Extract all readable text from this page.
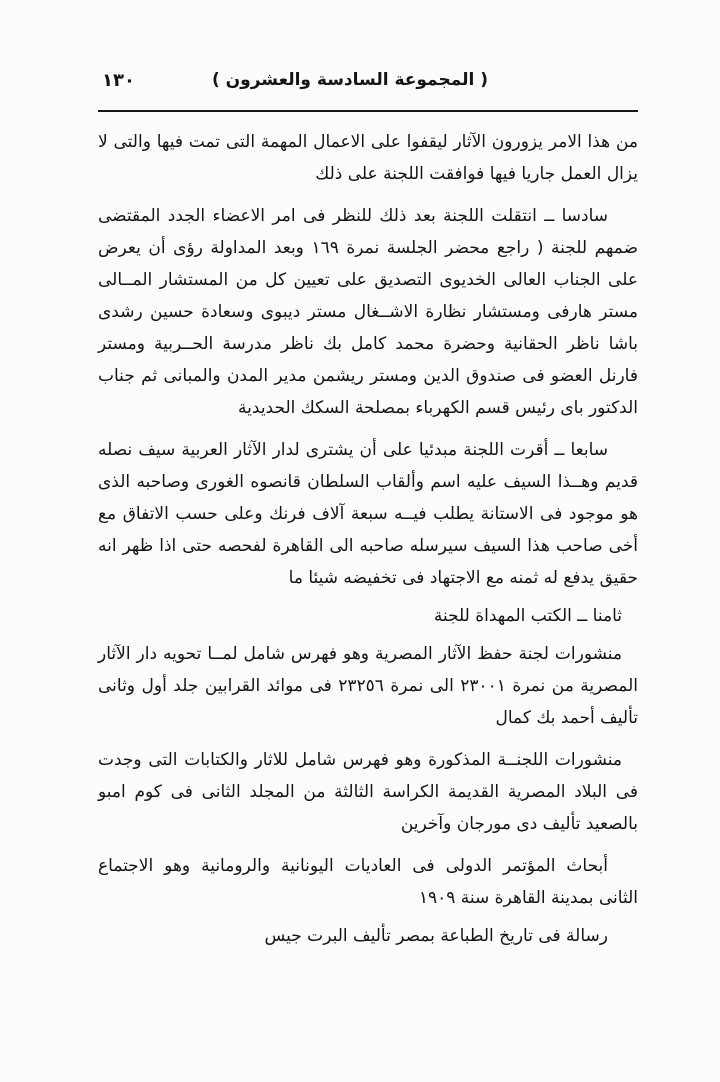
( المجموعة السادسة والعشرون )
١٣٠

من هذا الامر يزورون الآثار ليقفوا على الاعمال المهمة التى تمت فيها والتى لا يزال العمل جاريا فيها فوافقت اللجنة على ذلك

سادسا ــ انتقلت اللجنة بعد ذلك للنظر فى امر الاعضاء الجدد المقتضى ضمهم للجنة ( راجع محضر الجلسة نمرة ١٦٩ وبعد المداولة رؤى أن يعرض على الجناب العالى الخديوى التصديق على تعيين كل من المستشار المــالى مستر هارفى ومستشار نظارة الاشــغال مستر ديبوى وسعادة حسين رشدى باشا ناظر الحقانية وحضرة محمد كامل بك ناظر مدرسة الحــربية ومستر فارنل العضو فى صندوق الدين ومستر ريشمن مدير المدن والمبانى ثم جناب الدكتور باى رئيس قسم الكهرباء بمصلحة السكك الحديدية

سابعا ــ أقرت اللجنة مبدئيا على أن يشترى لدار الآثار العربية سيف نصله قديم وهــذا السيف عليه اسم وألقاب السلطان قانصوه الغورى وصاحبه الذى هو موجود فى الاستانة يطلب فيــه سبعة آلاف فرنك وعلى حسب الاتفاق مع أخى صاحب هذا السيف سيرسله صاحبه الى القاهرة لفحصه حتى اذا ظهر انه حقيق يدفع له ثمنه مع الاجتهاد فى تخفيضه شيئا ما

ثامنا ــ الكتب المهداة للجنة

منشورات لجنة حفظ الآثار المصرية وهو فهرس شامل لمــا تحويه دار الآثار المصرية من نمرة ٢٣٠٠١ الى نمرة ٢٣٢٥٦ فى موائد القرابين جلد أول وثانى تأليف أحمد بك كمال

منشورات اللجنــة المذكورة وهو فهرس شامل للاثار والكتابات التى وجدت فى البلاد المصرية القديمة الكراسة الثالثة من المجلد الثانى فى كوم امبو بالصعيد تأليف دى مورجان وآخرين

أبحاث المؤتمر الدولى فى العاديات اليونانية والرومانية وهو الاجتماع الثانى بمدينة القاهرة سنة ١٩٠٩

رسالة فى تاريخ الطباعة بمصر تأليف البرت جيس
